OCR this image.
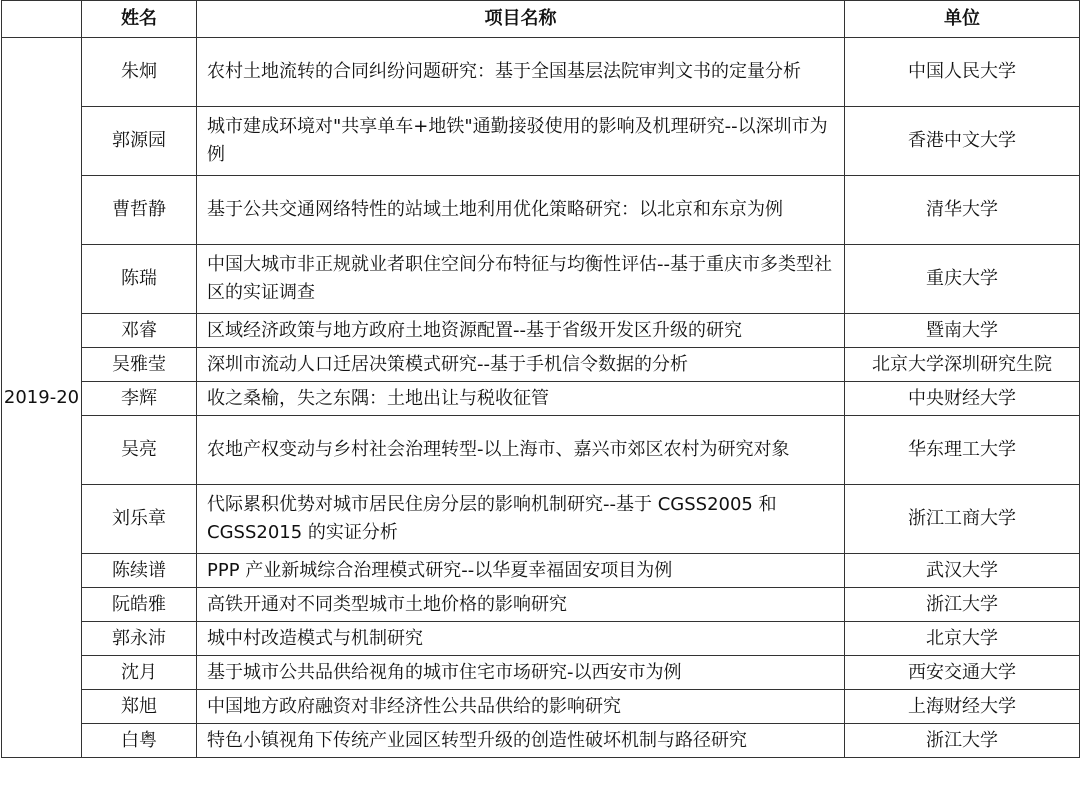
	姓名	项目名称	单位
2019-20	朱炯	农村土地流转的合同纠纷问题研究：基于全国基层法院审判文书的定量分析	中国人民大学
	郭源园	城市建成环境对"共享单车+地铁"通勤接驳使用的影响及机理研究--以深圳市为例	香港中文大学
	曹哲静	基于公共交通网络特性的站域土地利用优化策略研究：以北京和东京为例	清华大学
	陈瑞	中国大城市非正规就业者职住空间分布特征与均衡性评估--基于重庆市多类型社区的实证调查	重庆大学
	邓睿	区域经济政策与地方政府土地资源配置--基于省级开发区升级的研究	暨南大学
	吴雅莹	深圳市流动人口迁居决策模式研究--基于手机信令数据的分析	北京大学深圳研究生院
	李辉	收之桑榆，失之东隅：土地出让与税收征管	中央财经大学
	吴亮	农地产权变动与乡村社会治理转型-以上海市、嘉兴市郊区农村为研究对象	华东理工大学
	刘乐章	代际累积优势对城市居民住房分层的影响机制研究--基于 CGSS2005 和 CGSS2015 的实证分析	浙江工商大学
	陈续谱	PPP 产业新城综合治理模式研究--以华夏幸福固安项目为例	武汉大学
	阮皓雅	高铁开通对不同类型城市土地价格的影响研究	浙江大学
	郭永沛	城中村改造模式与机制研究	北京大学
	沈月	基于城市公共品供给视角的城市住宅市场研究-以西安市为例	西安交通大学
	郑旭	中国地方政府融资对非经济性公共品供给的影响研究	上海财经大学
	白粤	特色小镇视角下传统产业园区转型升级的创造性破坏机制与路径研究	浙江大学
